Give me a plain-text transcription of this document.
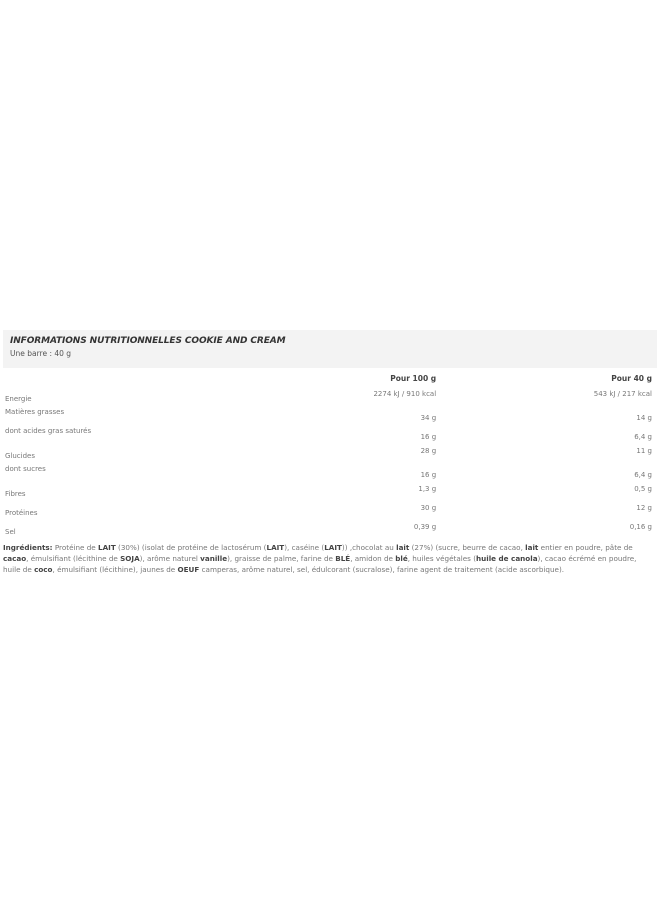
INFORMATIONS NUTRITIONNELLES COOKIE AND CREAM
Une barre : 40 g
	Pour 100 g	Pour 40 g
Energie	2274 kJ / 910 kcal	543 kJ / 217 kcal
Matières grasses	34 g	14 g
dont acides gras saturés	16 g	6,4 g
Glucides	28 g	11 g
dont sucres	16 g	6,4 g
Fibres	1,3 g	0,5 g
Protéines	30 g	12 g
Sel	0,39 g	0,16 g
Ingrédients: Protéine de LAIT (30%) (isolat de protéine de lactosérum (LAIT), caséine (LAIT)) ,chocolat au lait (27%) (sucre, beurre de cacao, lait entier en poudre, pâte de cacao, émulsifiant (lécithine de SOJA), arôme naturel vanille), graisse de palme, farine de BLÉ, amidon de blé, huiles végétales (huile de canola), cacao écrémé en poudre, huile de coco, émulsifiant (lécithine), jaunes de OEUF camperas, arôme naturel, sel, édulcorant (sucralose), farine agent de traitement (acide ascorbique).
